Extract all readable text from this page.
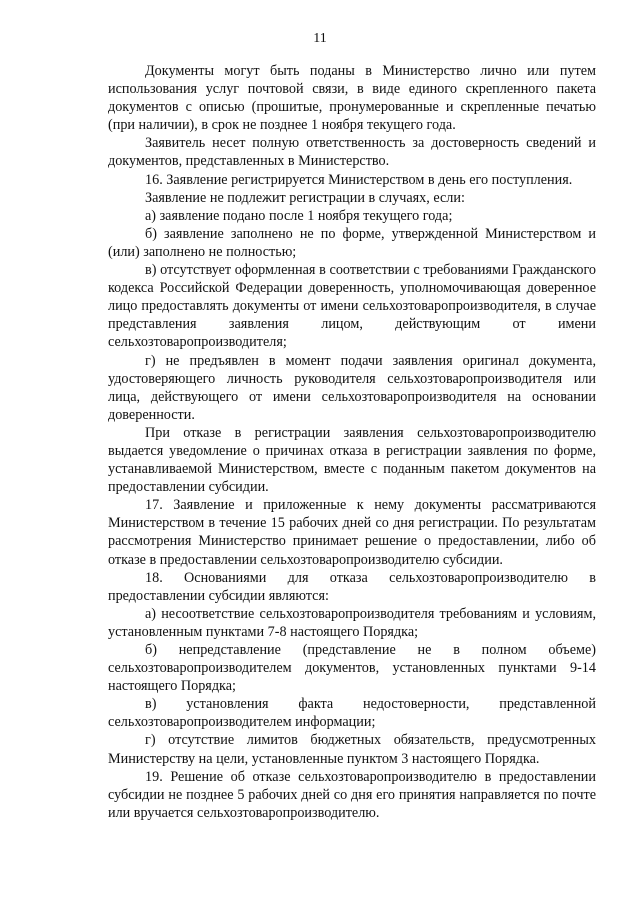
11

Документы могут быть поданы в Министерство лично или путем использования услуг почтовой связи, в виде единого скрепленного пакета документов с описью (прошитые, пронумерованные и скрепленные печатью (при наличии), в срок не позднее 1 ноября текущего года.

Заявитель несет полную ответственность за достоверность сведений и документов, представленных в Министерство.

16. Заявление регистрируется Министерством в день его поступления.

Заявление не подлежит регистрации в случаях, если:

а) заявление подано после 1 ноября текущего года;

б) заявление заполнено не по форме, утвержденной Министерством и (или) заполнено не полностью;

в) отсутствует оформленная в соответствии с требованиями Гражданского кодекса Российской Федерации доверенность, уполномочивающая доверенное лицо предоставлять документы от имени сельхозтоваропроизводителя, в случае представления заявления лицом, действующим от имени сельхозтоваропроизводителя;

г) не предъявлен в момент подачи заявления оригинал документа, удостоверяющего личность руководителя сельхозтоваропроизводителя или лица, действующего от имени сельхозтоваропроизводителя на основании доверенности.

При отказе в регистрации заявления сельхозтоваропроизводителю выдается уведомление о причинах отказа в регистрации заявления по форме, устанавливаемой Министерством, вместе с поданным пакетом документов на предоставлении субсидии.

17. Заявление и приложенные к нему документы рассматриваются Министерством в течение 15 рабочих дней со дня регистрации. По результатам рассмотрения Министерство принимает решение о предоставлении, либо об отказе в предоставлении сельхозтоваропроизводителю субсидии.

18. Основаниями для отказа сельхозтоваропроизводителю в предоставлении субсидии являются:

а) несоответствие сельхозтоваропроизводителя требованиям и условиям, установленным пунктами 7-8 настоящего Порядка;

б) непредставление (представление не в полном объеме) сельхозтоваропроизводителем документов, установленных пунктами 9-14 настоящего Порядка;

в) установления факта недостоверности, представленной сельхозтоваропроизводителем информации;

г) отсутствие лимитов бюджетных обязательств, предусмотренных Министерству на цели, установленные пунктом 3 настоящего Порядка.

19. Решение об отказе сельхозтоваропроизводителю в предоставлении субсидии не позднее 5 рабочих дней со дня его принятия направляется по почте или вручается сельхозтоваропроизводителю.
